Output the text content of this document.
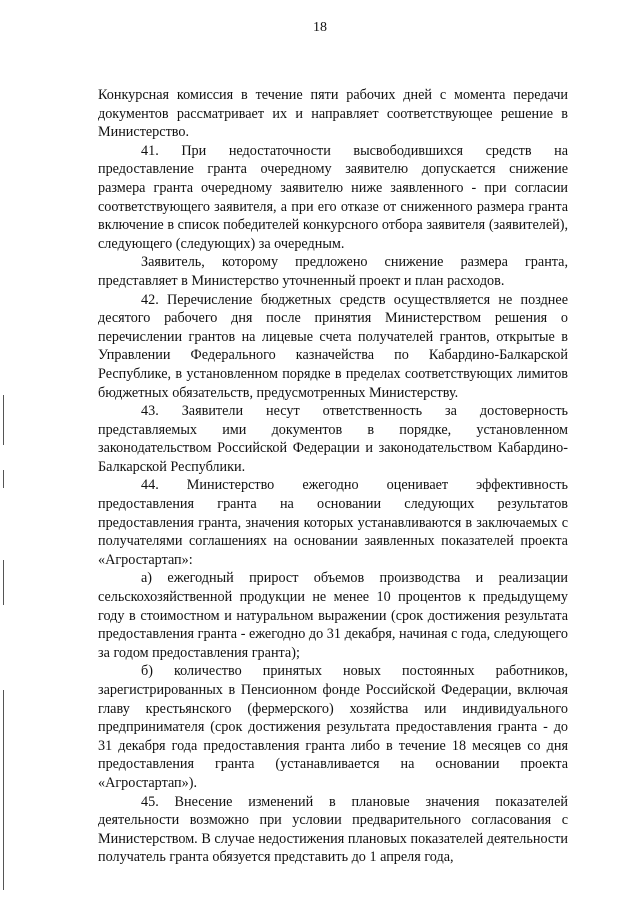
18

Конкурсная комиссия в течение пяти рабочих дней с момента передачи документов рассматривает их и направляет соответствующее решение в Министерство.

41. При недостаточности высвободившихся средств на предоставление гранта очередному заявителю допускается снижение размера гранта очередному заявителю ниже заявленного - при согласии соответствующего заявителя, а при его отказе от сниженного размера гранта включение в список победителей конкурсного отбора заявителя (заявителей), следующего (следующих) за очередным.

Заявитель, которому предложено снижение размера гранта, представляет в Министерство уточненный проект и план расходов.

42. Перечисление бюджетных средств осуществляется не позднее десятого рабочего дня после принятия Министерством решения о перечислении грантов на лицевые счета получателей грантов, открытые в Управлении Федерального казначейства по Кабардино-Балкарской Республике, в установленном порядке в пределах соответствующих лимитов бюджетных обязательств, предусмотренных Министерству.

43. Заявители несут ответственность за достоверность представляемых ими документов в порядке, установленном законодательством Российской Федерации и законодательством Кабардино-Балкарской Республики.

44. Министерство ежегодно оценивает эффективность предоставления гранта на основании следующих результатов предоставления гранта, значения которых устанавливаются в заключаемых с получателями соглашениях на основании заявленных показателей проекта «Агростартап»:

а) ежегодный прирост объемов производства и реализации сельскохозяйственной продукции не менее 10 процентов к предыдущему году в стоимостном и натуральном выражении (срок достижения результата предоставления гранта - ежегодно до 31 декабря, начиная с года, следующего за годом предоставления гранта);

б) количество принятых новых постоянных работников, зарегистрированных в Пенсионном фонде Российской Федерации, включая главу крестьянского (фермерского) хозяйства или индивидуального предпринимателя (срок достижения результата предоставления гранта - до 31 декабря года предоставления гранта либо в течение 18 месяцев со дня предоставления гранта (устанавливается на основании проекта «Агростартап»).

45. Внесение изменений в плановые значения показателей деятельности возможно при условии предварительного согласования с Министерством. В случае недостижения плановых показателей деятельности получатель гранта обязуется представить до 1 апреля года,
